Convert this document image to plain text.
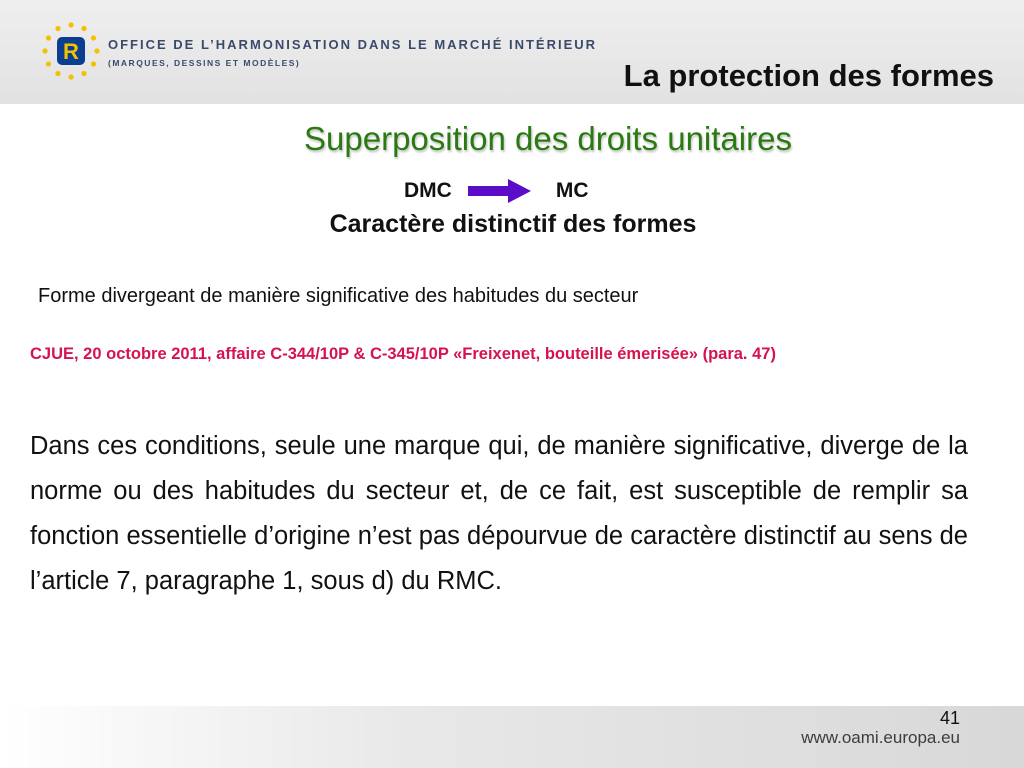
R OFFICE DE L’HARMONISATION DANS LE MARCHÉ INTÉRIEUR
(MARQUES, DESSINS ET MODÈLES)	La protection des formes
Superposition des droits unitaires
DMC	MC
Caractère distinctif des formes
Forme divergeant de manière significative des habitudes du secteur
CJUE, 20 octobre 2011, affaire C-344/10P & C-345/10P «Freixenet, bouteille émerisée» (para. 47)
Dans ces conditions, seule une marque qui, de manière significative, diverge de la norme ou des habitudes du secteur et, de ce fait, est susceptible de remplir sa fonction essentielle d’origine n’est pas dépourvue de caractère distinctif au sens de l’article 7, paragraphe 1, sous d) du RMC.
41
www.oami.europa.eu
